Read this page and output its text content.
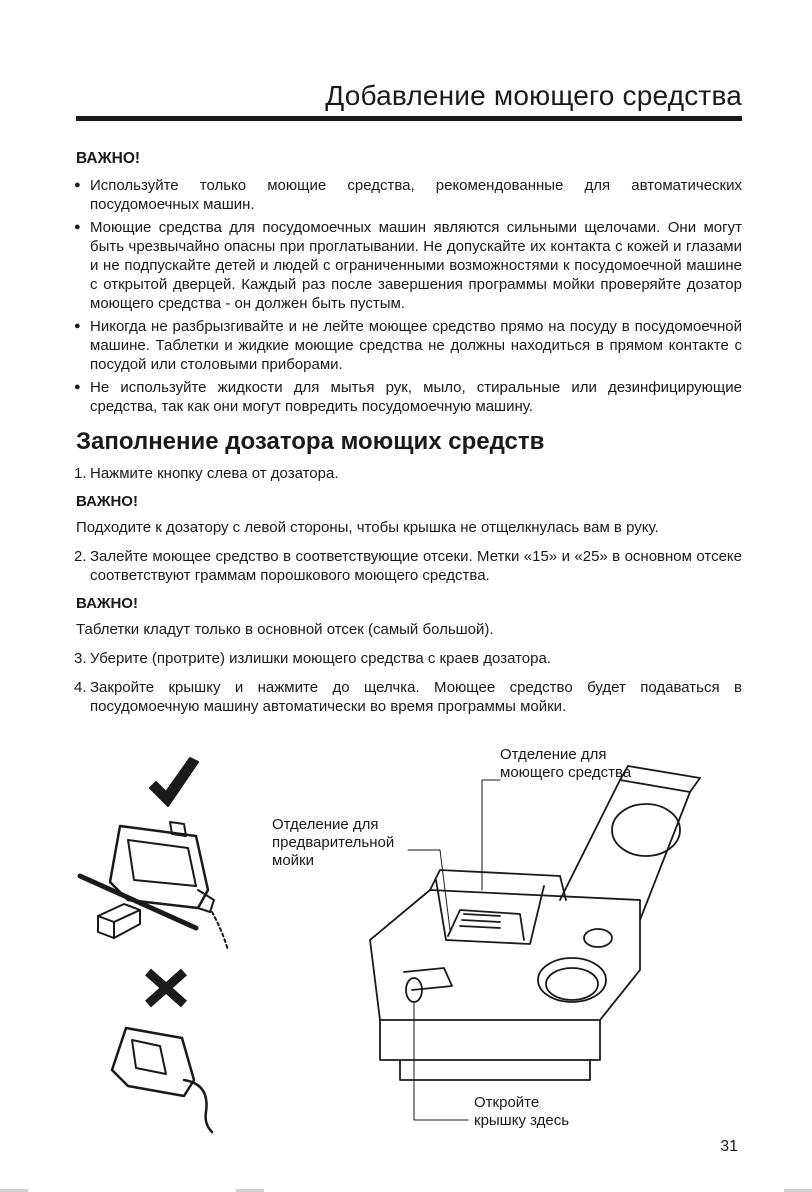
Добавление моющего средства

ВАЖНО!

● Используйте только моющие средства, рекомендованные для автоматических посудомоечных машин.
● Моющие средства для посудомоечных машин являются сильными щелочами. Они могут быть чрезвычайно опасны при проглатывании. Не допускайте их контакта с кожей и глазами и не подпускайте детей и людей с ограниченными возможностями к посудомоечной машине с открытой дверцей. Каждый раз после завершения программы мойки проверяйте дозатор моющего средства - он должен быть пустым.
● Никогда не разбрызгивайте и не лейте моющее средство прямо на посуду в посудомоечной машине. Таблетки и жидкие моющие средства не должны находиться в прямом контакте с посудой или столовыми приборами.
● Не используйте жидкости для мытья рук, мыло, стиральные или дезинфицирующие средства, так как они могут повредить посудомоечную машину.
Заполнение дозатора моющих средств
1. Нажмите кнопку слева от дозатора.

ВАЖНО!

Подходите к дозатору с левой стороны, чтобы крышка не отщелкнулась вам в руку.

2. Залейте моющее средство в соответствующие отсеки. Метки «15» и «25» в основном отсеке соответствуют граммам порошкового моющего средства.

ВАЖНО!

Таблетки кладут только в основной отсек (самый большой).

3. Уберите (протрите) излишки моющего средства с краев дозатора.
4. Закройте крышку и нажмите до щелчка. Моющее средство будет подаваться в посудомоечную машину автоматически во время программы мойки.
Отделение для
моющего средства
Отделение для
предварительной
мойки
Откройте
крышку здесь
31
